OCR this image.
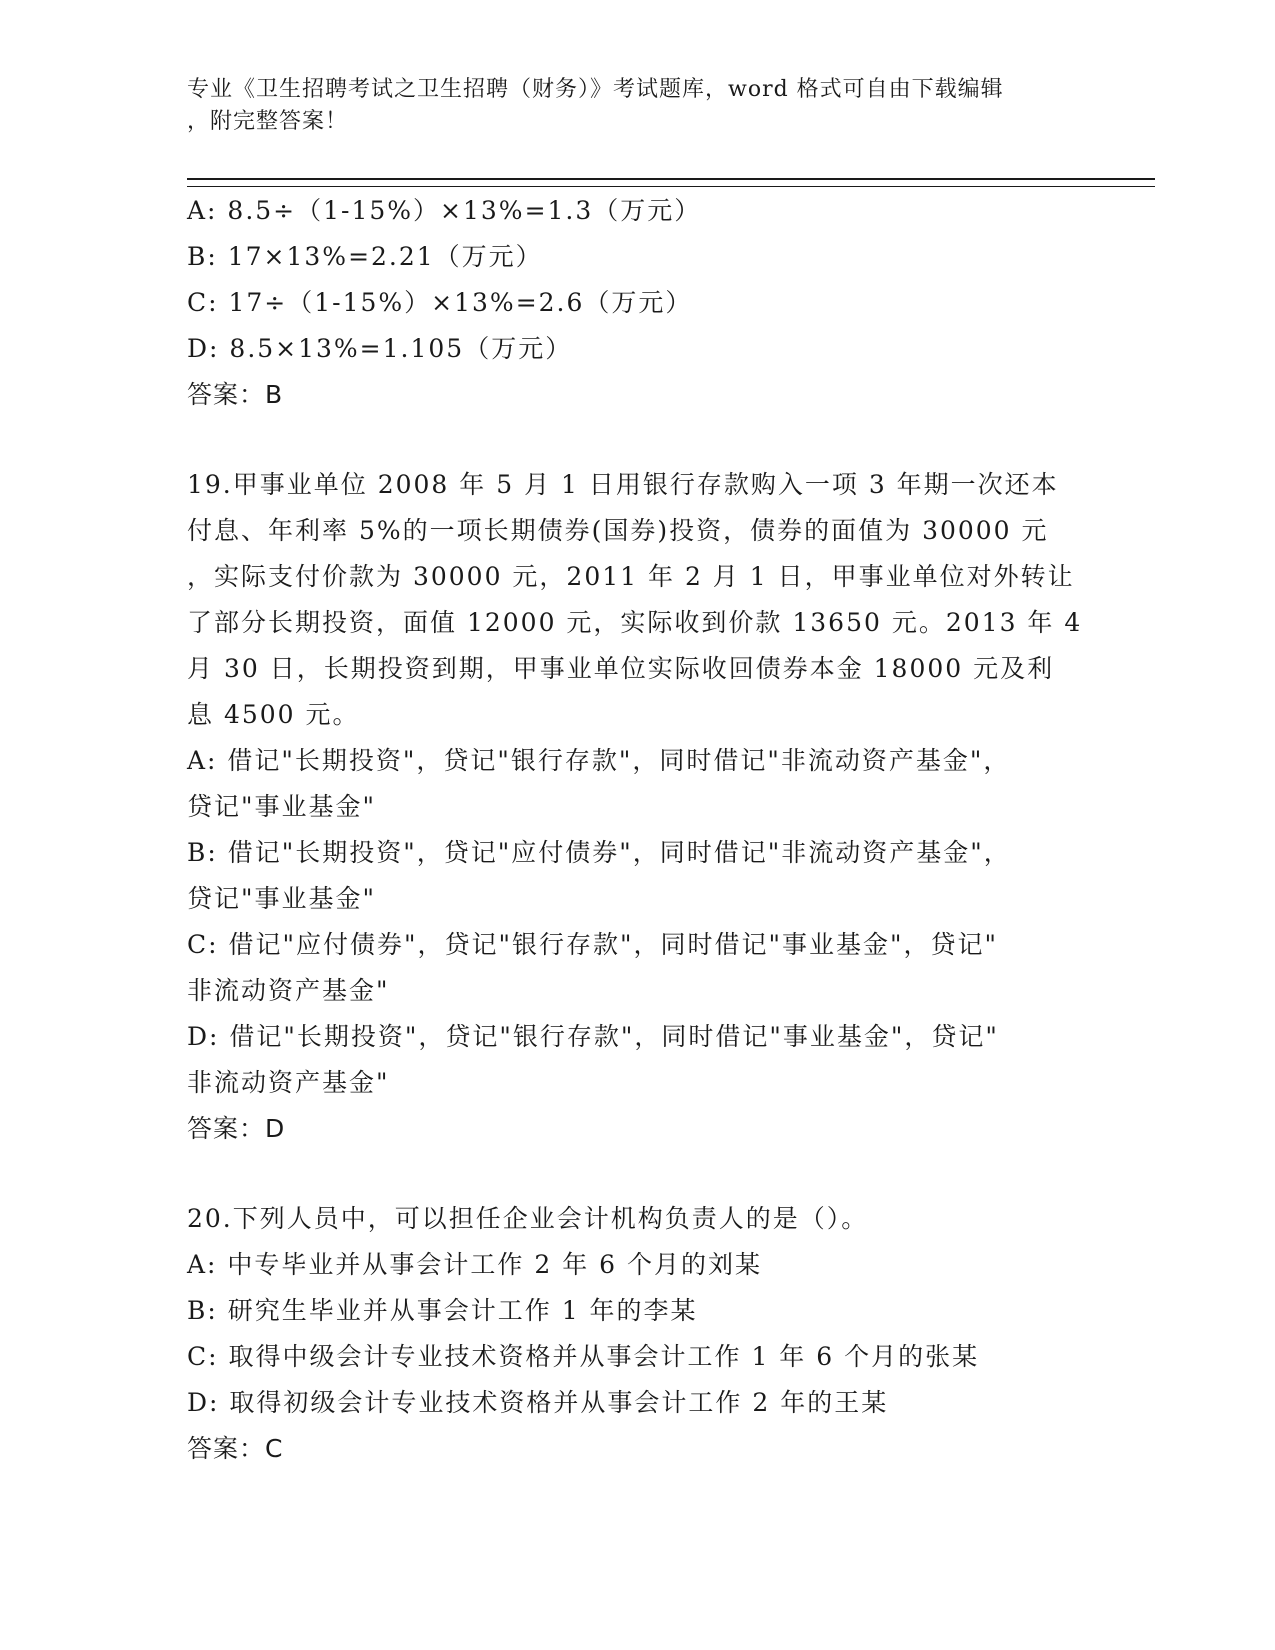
专业《卫生招聘考试之卫生招聘（财务）》考试题库，word 格式可自由下载编辑
，附完整答案！
A: 8.5÷（1-15%）×13%=1.3（万元）
B: 17×13%=2.21（万元）
C: 17÷（1-15%）×13%=2.6（万元）
D: 8.5×13%=1.105（万元）
答案：B
19.甲事业单位 2008 年 5 月 1 日用银行存款购入一项 3 年期一次还本
付息、年利率 5%的一项长期债券(国券)投资，债券的面值为 30000 元
，实际支付价款为 30000 元，2011 年 2 月 1 日，甲事业单位对外转让
了部分长期投资，面值 12000 元，实际收到价款 13650 元。2013 年 4
月 30 日，长期投资到期，甲事业单位实际收回债券本金 18000 元及利
息 4500 元。
A: 借记"长期投资"，贷记"银行存款"，同时借记"非流动资产基金"，
贷记"事业基金"
B: 借记"长期投资"，贷记"应付债券"，同时借记"非流动资产基金"，
贷记"事业基金"
C: 借记"应付债券"，贷记"银行存款"，同时借记"事业基金"，贷记"
非流动资产基金"
D: 借记"长期投资"，贷记"银行存款"，同时借记"事业基金"，贷记"
非流动资产基金"
答案：D
20.下列人员中，可以担任企业会计机构负责人的是（）。
A: 中专毕业并从事会计工作 2 年 6 个月的刘某
B: 研究生毕业并从事会计工作 1 年的李某
C: 取得中级会计专业技术资格并从事会计工作 1 年 6 个月的张某
D: 取得初级会计专业技术资格并从事会计工作 2 年的王某
答案：C
